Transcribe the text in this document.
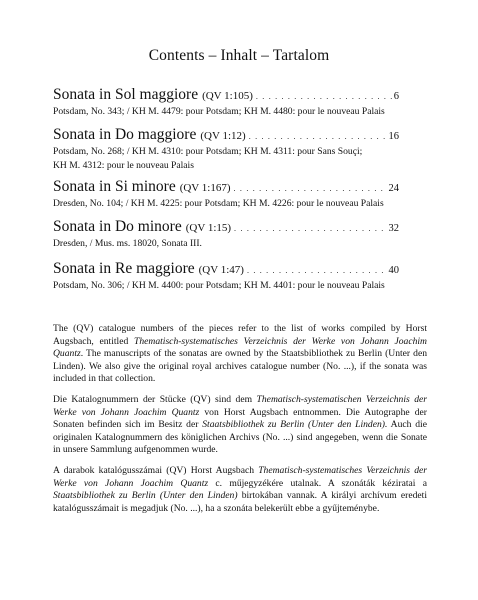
Contents – Inhalt – Tartalom
Sonata in Sol maggiore (QV 1:105) . . .	6
Potsdam, No. 343; / KH M. 4479: pour Potsdam; KH M. 4480: pour le nouveau Palais
Sonata in Do maggiore (QV 1:12) . . .	16
Potsdam, No. 268; / KH M. 4310: pour Potsdam; KH M. 4311: pour Sans Souçi;
KH M. 4312: pour le nouveau Palais
Sonata in Si minore (QV 1:167) . . .	24
Dresden, No. 104; / KH M. 4225: pour Potsdam; KH M. 4226: pour le nouveau Palais
Sonata in Do minore (QV 1:15) . . .	32
Dresden, / Mus. ms. 18020, Sonata III.
Sonata in Re maggiore (QV 1:47) . . .	40
Potsdam, No. 306; / KH M. 4400: pour Potsdam; KH M. 4401: pour le nouveau Palais

The (QV) catalogue numbers of the pieces refer to the list of works compiled by Horst Augsbach, entitled Thematisch-systematisches Verzeichnis der Werke von Johann Joachim Quantz. The manuscripts of the sonatas are owned by the Staatsbibliothek zu Berlin (Unter den Linden). We also give the original royal archives catalogue number (No. ...), if the sonata was included in that collection.

Die Katalognummern der Stücke (QV) sind dem Thematisch-systematischen Verzeichnis der Werke von Johann Joachim Quantz von Horst Augsbach entnommen. Die Autographe der Sonaten befinden sich im Besitz der Staatsbibliothek zu Berlin (Unter den Linden). Auch die originalen Katalognummern des königlichen Archivs (No. ...) sind angegeben, wenn die Sonate in unsere Sammlung aufgenommen wurde.

A darabok katalógusszámai (QV) Horst Augsbach Thematisch-systematisches Verzeichnis der Werke von Johann Joachim Quantz c. műjegyzékére utalnak. A szonáták kéziratai a Staatsbibliothek zu Berlin (Unter den Linden) birtokában vannak. A királyi archívum eredeti katalógusszámait is megadjuk (No. ...), ha a szonáta belekerült ebbe a gyűjteménybe.
